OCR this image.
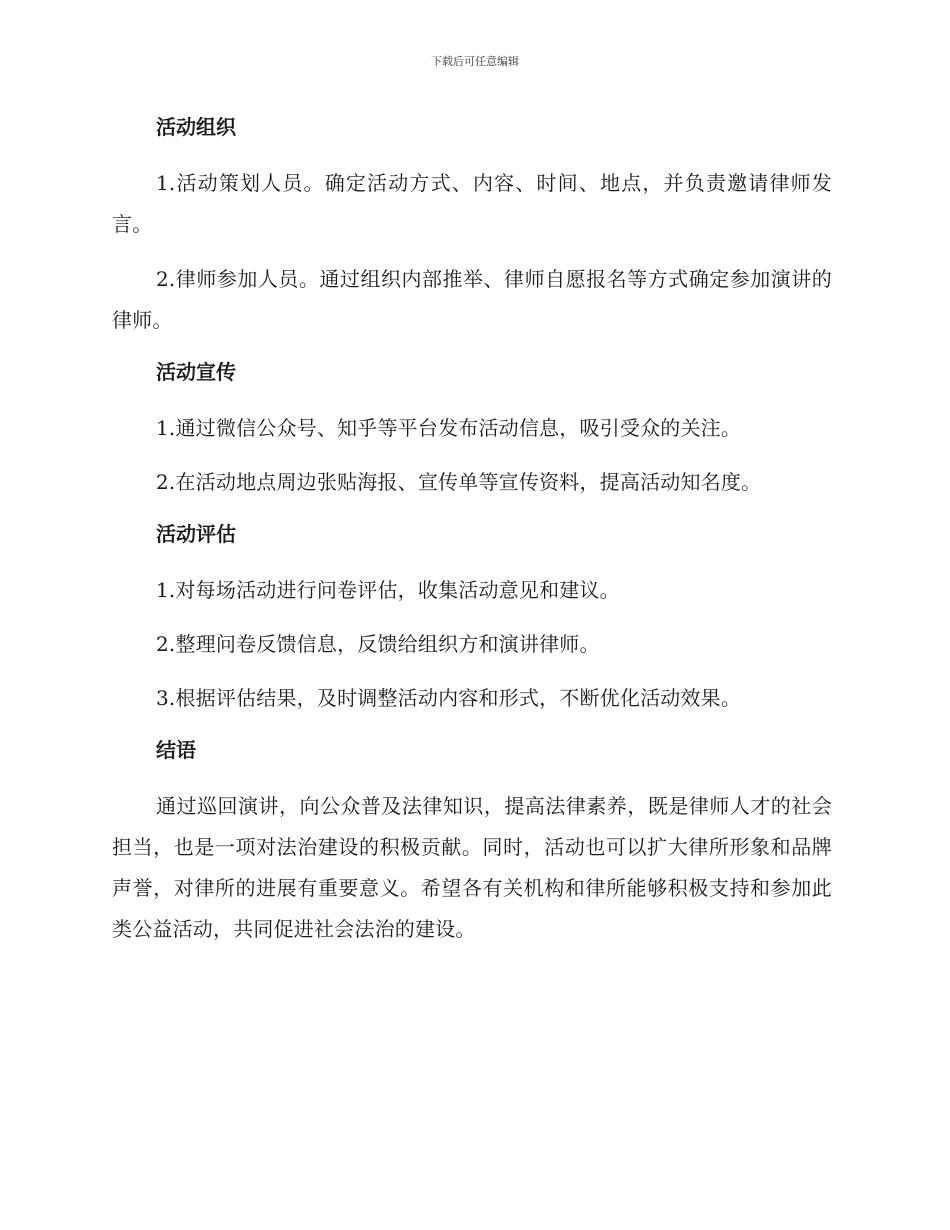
下载后可任意编辑
活动组织

1.活动策划人员。确定活动方式、内容、时间、地点，并负责邀请律师发言。

2.律师参加人员。通过组织内部推举、律师自愿报名等方式确定参加演讲的律师。

活动宣传

1.通过微信公众号、知乎等平台发布活动信息，吸引受众的关注。

2.在活动地点周边张贴海报、宣传单等宣传资料，提高活动知名度。

活动评估

1.对每场活动进行问卷评估，收集活动意见和建议。

2.整理问卷反馈信息，反馈给组织方和演讲律师。

3.根据评估结果，及时调整活动内容和形式，不断优化活动效果。

结语

通过巡回演讲，向公众普及法律知识，提高法律素养，既是律师人才的社会担当，也是一项对法治建设的积极贡献。同时，活动也可以扩大律所形象和品牌声誉，对律所的进展有重要意义。希望各有关机构和律所能够积极支持和参加此类公益活动，共同促进社会法治的建设。
